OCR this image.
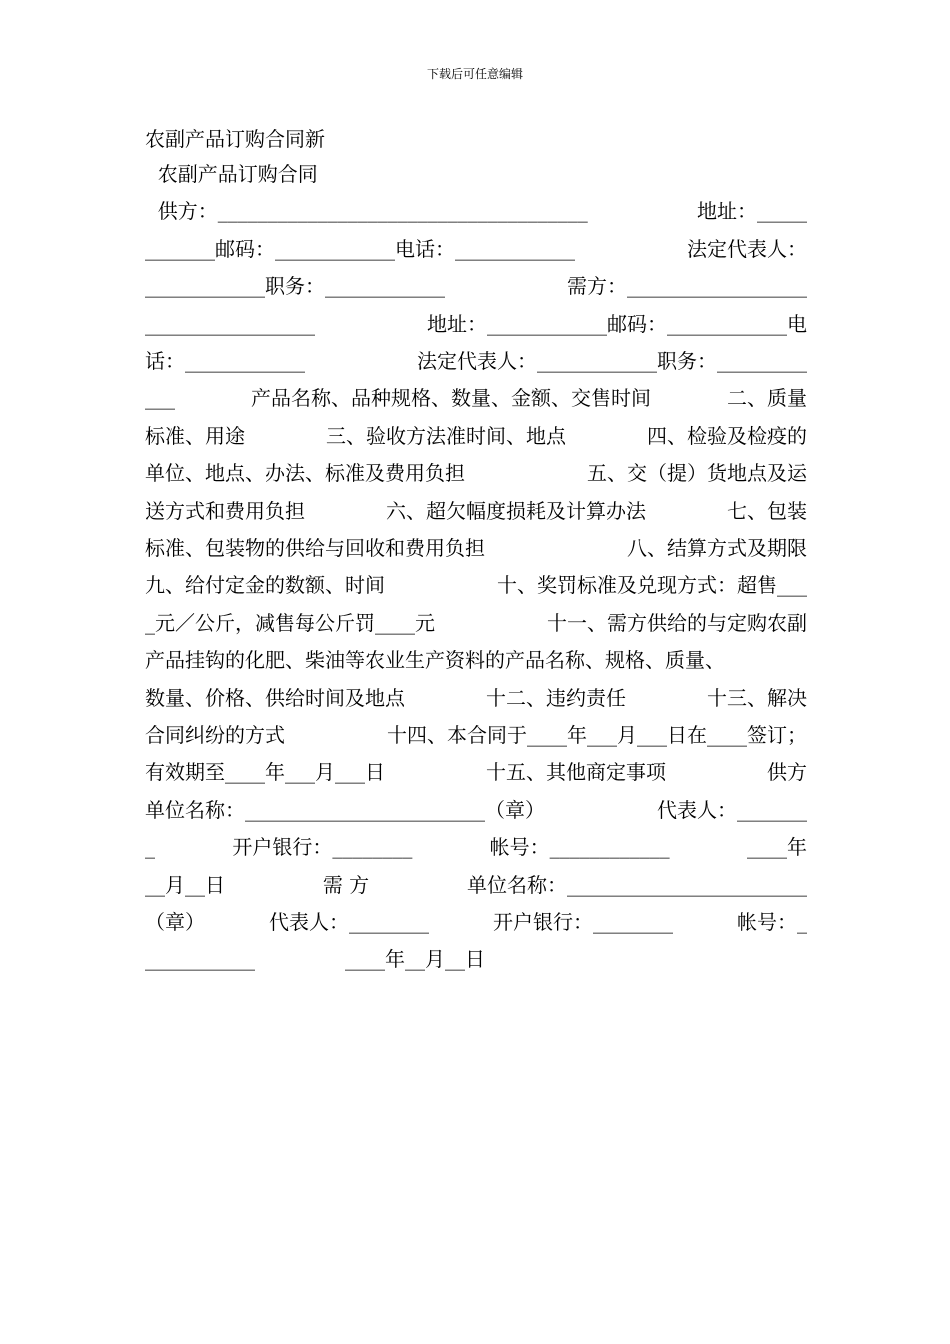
下载后可任意编辑
农副产品订购合同新
农副产品订购合同
供方：_____________________________________	地址：_____
_______邮码：____________电话：____________	法定代表人：
____________职务：____________	需方：__________________
_________________	地址：____________邮码：____________电
话：____________	法定代表人：____________职务：_________
___	产品名称、品种规格、数量、金额、交售时间	二、质量
标准、用途	三、验收方法准时间、地点	四、检验及检疫的
单位、地点、办法、标准及费用负担	五、交（提）货地点及运
送方式和费用负担	六、超欠幅度损耗及计算办法	七、包装
标准、包装物的供给与回收和费用负担	八、结算方式及期限
九、给付定金的数额、时间	十、奖罚标准及兑现方式：超售___
_元／公斤，减售每公斤罚____元	十一、需方供给的与定购农副
产品挂钩的化肥、柴油等农业生产资料的产品名称、规格、质量、
数量、价格、供给时间及地点	十二、违约责任	十三、解决
合同纠纷的方式	十四、本合同于____年___月___日在____签订；
有效期至____年___月___日	十五、其他商定事项	供方
单位名称：________________________（章）	代表人：_______
_	开户银行：________	帐号：____________	____年
__月__日	需 方	单位名称：________________________
（章）	代表人：________	开户银行：________	帐号：_
___________	____年__月__日
